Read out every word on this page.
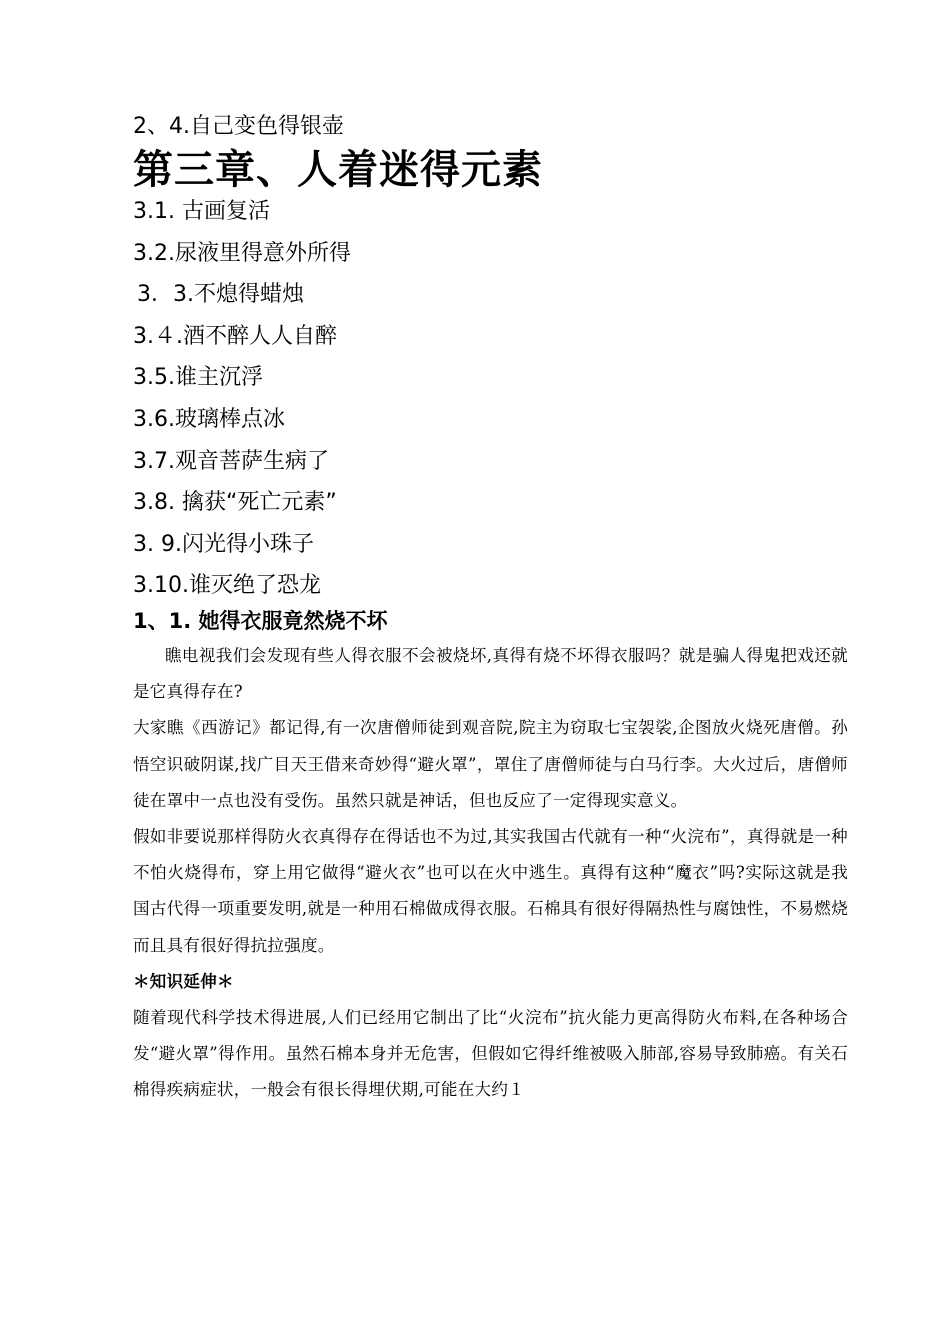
2、4.自己变色得银壶
第三章、人着迷得元素
3.1. 古画复活
3.2.尿液里得意外所得
3．3.不熄得蜡烛
3.４.酒不醉人人自醉
3.5.谁主沉浮
3.6.玻璃棒点冰
3.7.观音菩萨生病了
3.8. 擒获“死亡元素”
3. 9.闪光得小珠子
3.10.谁灭绝了恐龙
1、1. 她得衣服竟然烧不坏

瞧电视我们会发现有些人得衣服不会被烧坏,真得有烧不坏得衣服吗？就是骗人得鬼把戏还就是它真得存在?

大家瞧《西游记》都记得,有一次唐僧师徒到观音院,院主为窃取七宝袈裟,企图放火烧死唐僧。孙悟空识破阴谋,找广目天王借来奇妙得“避火罩”，罩住了唐僧师徒与白马行李。大火过后，唐僧师徒在罩中一点也没有受伤。虽然只就是神话，但也反应了一定得现实意义。

假如非要说那样得防火衣真得存在得话也不为过,其实我国古代就有一种“火浣布”，真得就是一种不怕火烧得布，穿上用它做得“避火衣”也可以在火中逃生。真得有这种“魔衣”吗?实际这就是我国古代得一项重要发明,就是一种用石棉做成得衣服。石棉具有很好得隔热性与腐蚀性，不易燃烧而且具有很好得抗拉强度。

＊知识延伸＊

随着现代科学技术得进展,人们已经用它制出了比“火浣布”抗火能力更高得防火布料,在各种场合发“避火罩”得作用。虽然石棉本身并无危害，但假如它得纤维被吸入肺部,容易导致肺癌。有关石棉得疾病症状，一般会有很长得埋伏期,可能在大约１
